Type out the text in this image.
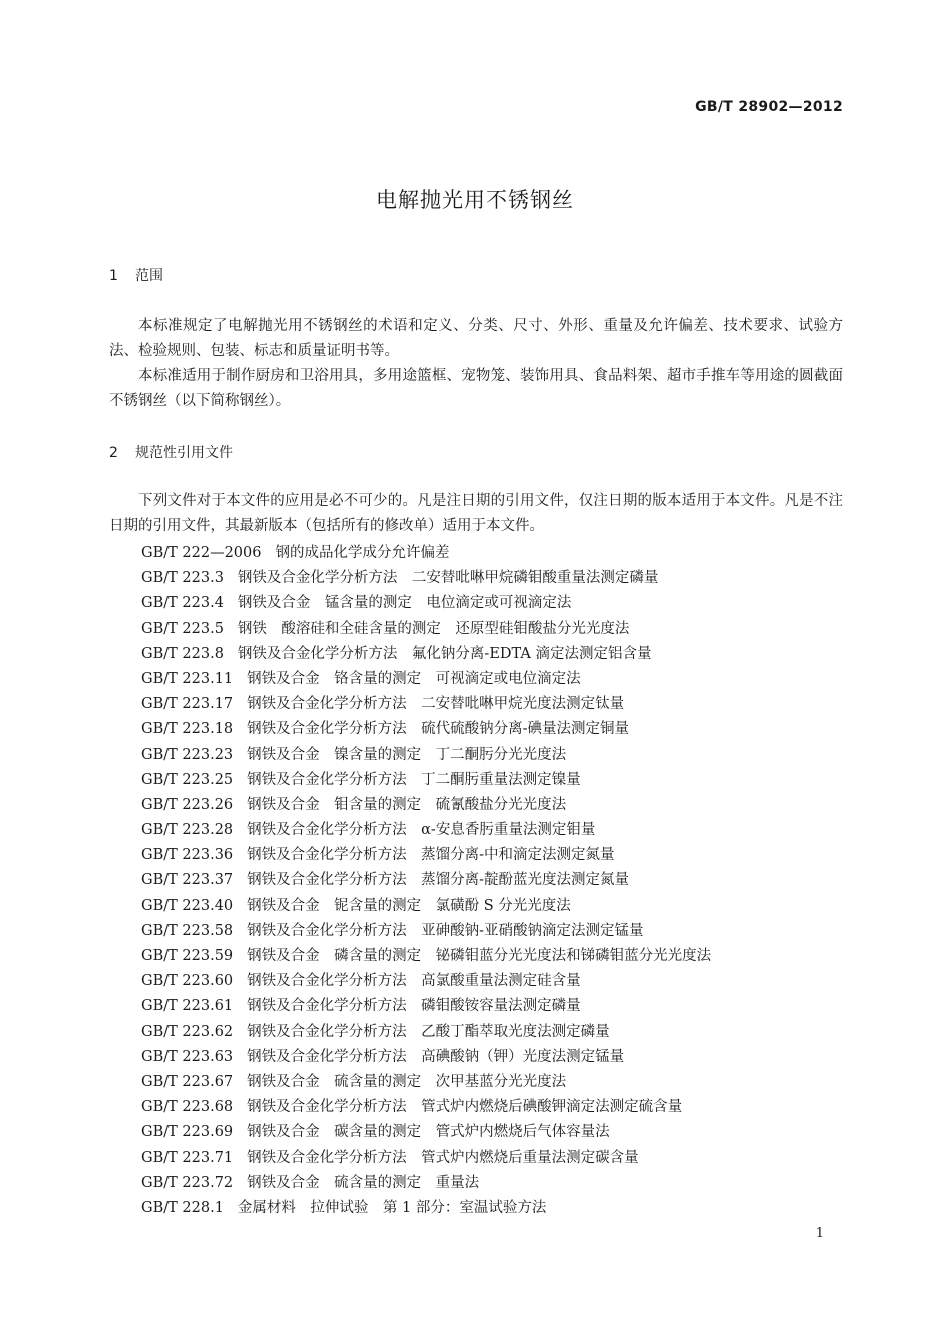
GB/T 28902—2012
电解抛光用不锈钢丝
1 范围

本标准规定了电解抛光用不锈钢丝的术语和定义、分类、尺寸、外形、重量及允许偏差、技术要求、试验方法、检验规则、包装、标志和质量证明书等。

本标准适用于制作厨房和卫浴用具，多用途篮框、宠物笼、装饰用具、食品料架、超市手推车等用途的圆截面不锈钢丝（以下简称钢丝）。

2 规范性引用文件

下列文件对于本文件的应用是必不可少的。凡是注日期的引用文件，仅注日期的版本适用于本文件。凡是不注日期的引用文件，其最新版本（包括所有的修改单）适用于本文件。

GB/T 222—2006 钢的成品化学成分允许偏差
GB/T 223.3 钢铁及合金化学分析方法　二安替吡啉甲烷磷钼酸重量法测定磷量
GB/T 223.4 钢铁及合金　锰含量的测定　电位滴定或可视滴定法
GB/T 223.5 钢铁　酸溶硅和全硅含量的测定　还原型硅钼酸盐分光光度法
GB/T 223.8 钢铁及合金化学分析方法　氟化钠分离-EDTA 滴定法测定铝含量
GB/T 223.11 钢铁及合金　铬含量的测定　可视滴定或电位滴定法
GB/T 223.17 钢铁及合金化学分析方法　二安替吡啉甲烷光度法测定钛量
GB/T 223.18 钢铁及合金化学分析方法　硫代硫酸钠分离-碘量法测定铜量
GB/T 223.23 钢铁及合金　镍含量的测定　丁二酮肟分光光度法
GB/T 223.25 钢铁及合金化学分析方法　丁二酮肟重量法测定镍量
GB/T 223.26 钢铁及合金　钼含量的测定　硫氰酸盐分光光度法
GB/T 223.28 钢铁及合金化学分析方法　α-安息香肟重量法测定钼量
GB/T 223.36 钢铁及合金化学分析方法　蒸馏分离-中和滴定法测定氮量
GB/T 223.37 钢铁及合金化学分析方法　蒸馏分离-靛酚蓝光度法测定氮量
GB/T 223.40 钢铁及合金　铌含量的测定　氯磺酚 S 分光光度法
GB/T 223.58 钢铁及合金化学分析方法　亚砷酸钠-亚硝酸钠滴定法测定锰量
GB/T 223.59 钢铁及合金　磷含量的测定　铋磷钼蓝分光光度法和锑磷钼蓝分光光度法
GB/T 223.60 钢铁及合金化学分析方法　高氯酸重量法测定硅含量
GB/T 223.61 钢铁及合金化学分析方法　磷钼酸铵容量法测定磷量
GB/T 223.62 钢铁及合金化学分析方法　乙酸丁酯萃取光度法测定磷量
GB/T 223.63 钢铁及合金化学分析方法　高碘酸钠（钾）光度法测定锰量
GB/T 223.67 钢铁及合金　硫含量的测定　次甲基蓝分光光度法
GB/T 223.68 钢铁及合金化学分析方法　管式炉内燃烧后碘酸钾滴定法测定硫含量
GB/T 223.69 钢铁及合金　碳含量的测定　管式炉内燃烧后气体容量法
GB/T 223.71 钢铁及合金化学分析方法　管式炉内燃烧后重量法测定碳含量
GB/T 223.72 钢铁及合金　硫含量的测定　重量法
GB/T 228.1 金属材料　拉伸试验　第 1 部分：室温试验方法
1
